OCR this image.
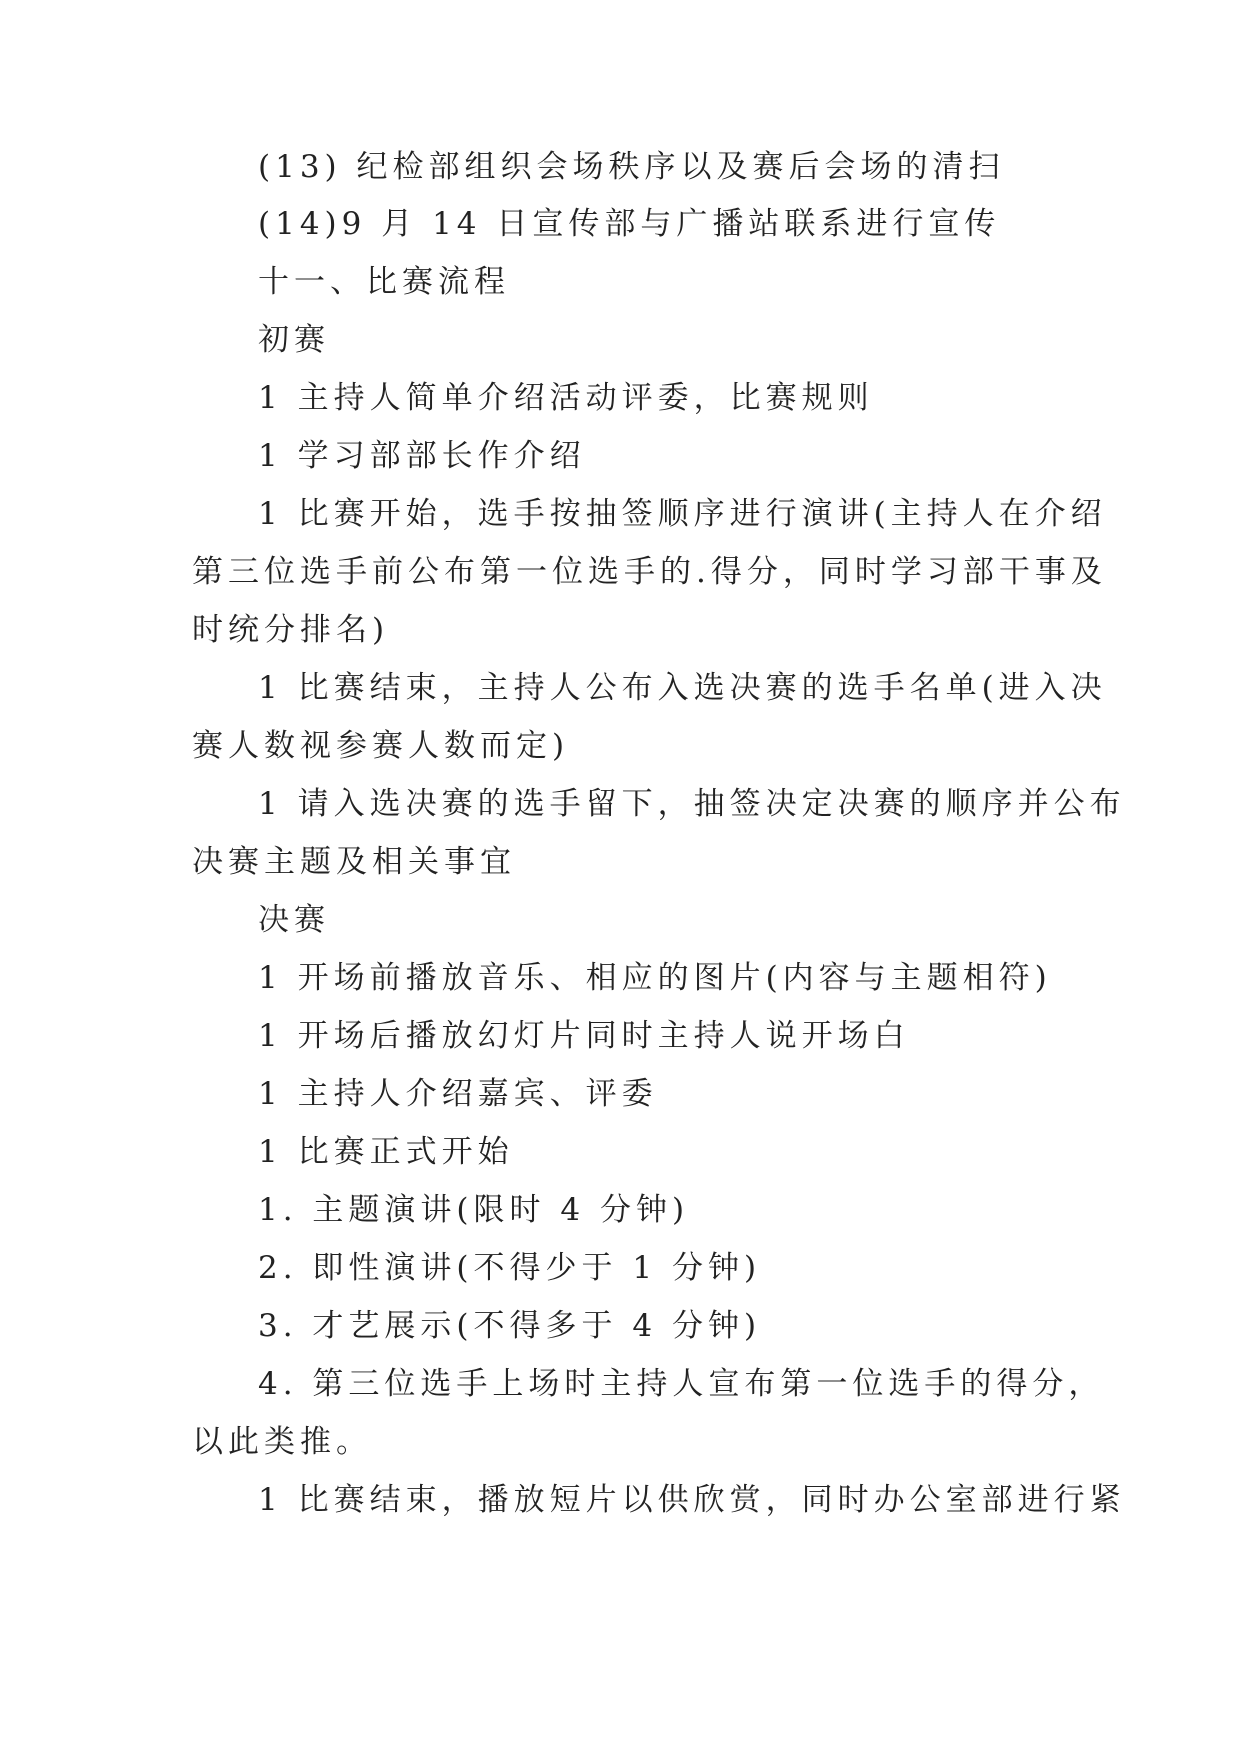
(13) 纪检部组织会场秩序以及赛后会场的清扫
(14)9 月 14 日宣传部与广播站联系进行宣传
十一、比赛流程
初赛
1 主持人简单介绍活动评委，比赛规则
1 学习部部长作介绍
1 比赛开始，选手按抽签顺序进行演讲(主持人在介绍
第三位选手前公布第一位选手的.得分，同时学习部干事及
时统分排名)
1 比赛结束，主持人公布入选决赛的选手名单(进入决
赛人数视参赛人数而定)
1 请入选决赛的选手留下，抽签决定决赛的顺序并公布
决赛主题及相关事宜
决赛
1 开场前播放音乐、相应的图片(内容与主题相符)
1 开场后播放幻灯片同时主持人说开场白
1 主持人介绍嘉宾、评委
1 比赛正式开始
1. 主题演讲(限时 4 分钟)
2. 即性演讲(不得少于 1 分钟)
3. 才艺展示(不得多于 4 分钟)
4. 第三位选手上场时主持人宣布第一位选手的得分，
以此类推。
1 比赛结束，播放短片以供欣赏，同时办公室部进行紧
